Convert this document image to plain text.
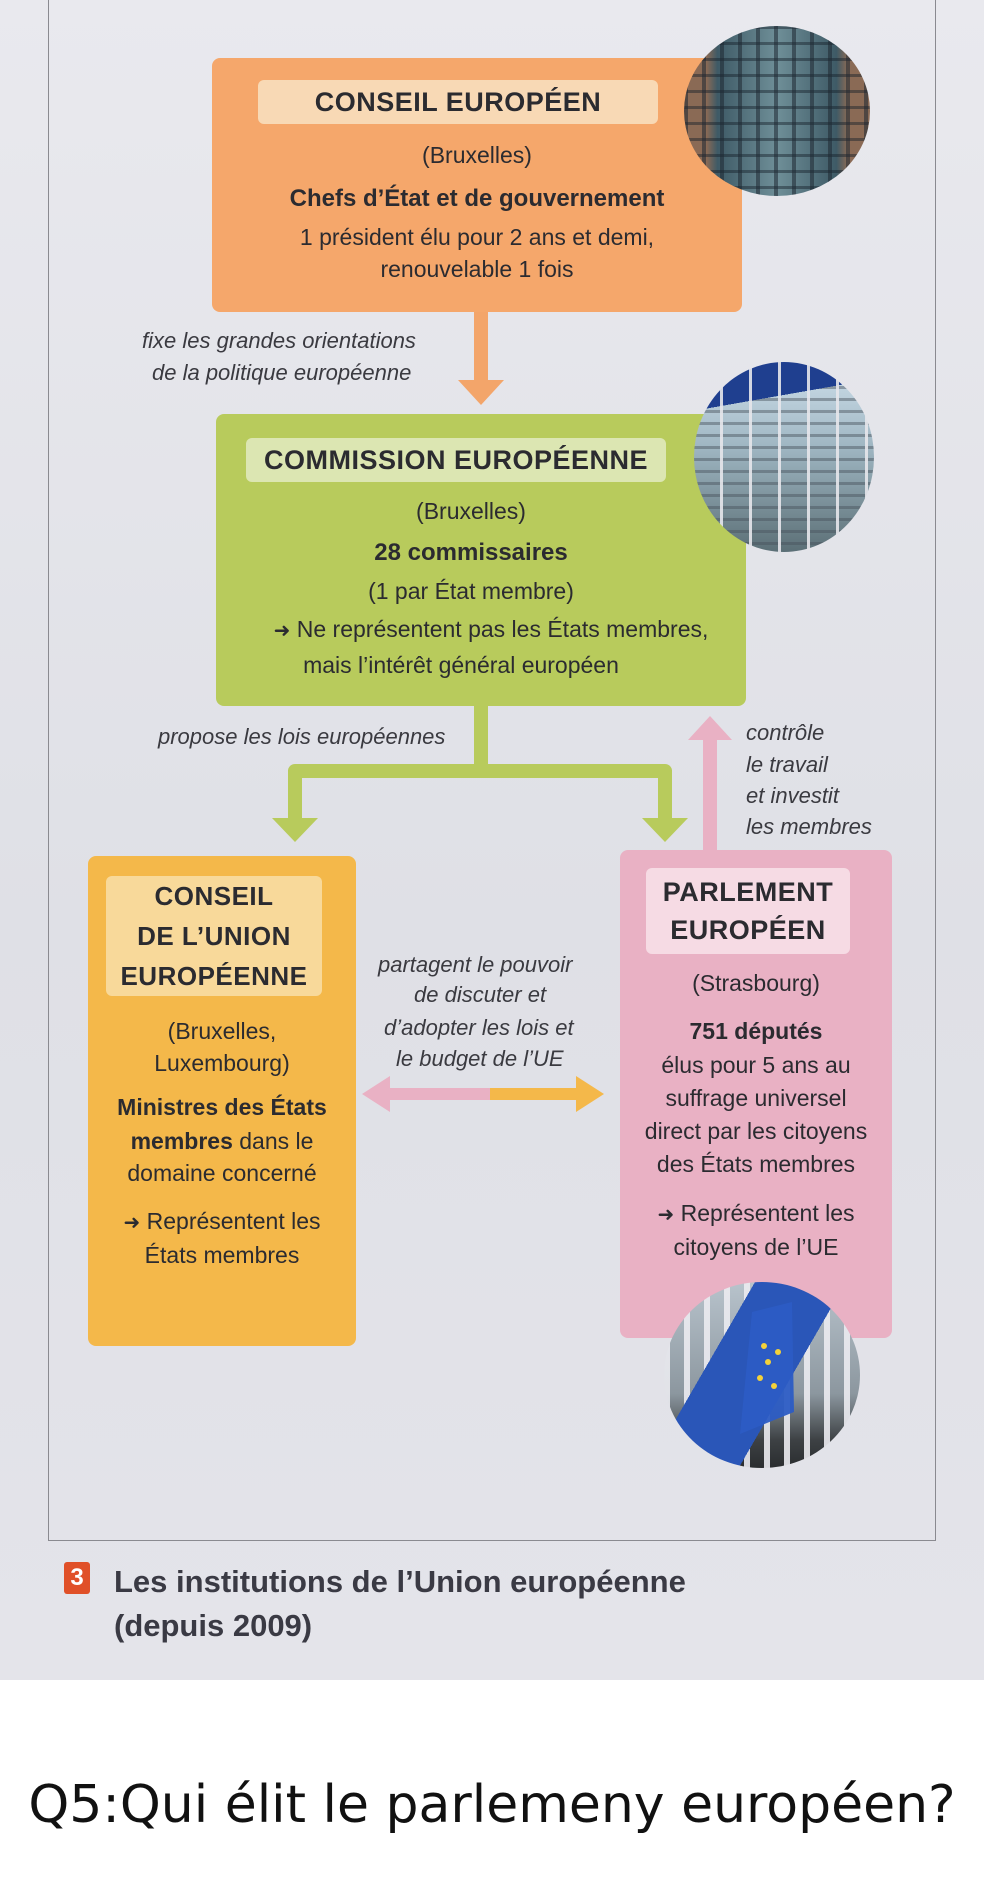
CONSEIL EUROPÉEN
(Bruxelles)
Chefs d’État et de gouvernement
1 président élu pour 2 ans et demi,
renouvelable 1 fois
fixe les grandes orientations
de la politique européenne
COMMISSION EUROPÉENNE
(Bruxelles)
28 commissaires
(1 par État membre)
➜ Ne représentent pas les États membres,
mais l’intérêt général européen
propose les lois européennes	contrôle
le travail
et investit
les membres
CONSEIL
DE L’UNION
EUROPÉENNE
(Bruxelles,
Luxembourg)
Ministres des États
membres dans le
domaine concerné
➜ Représentent les
États membres
partagent le pouvoir
de discuter et
d’adopter les lois et
le budget de l’UE
PARLEMENT
EUROPÉEN
(Strasbourg)
751 députés
élus pour 5 ans au
suffrage universel
direct par les citoyens
des États membres
➜ Représentent les
citoyens de l’UE
3 Les institutions de l’Union européenne
(depuis 2009)
Q5:Qui élit le parlemeny européen?
